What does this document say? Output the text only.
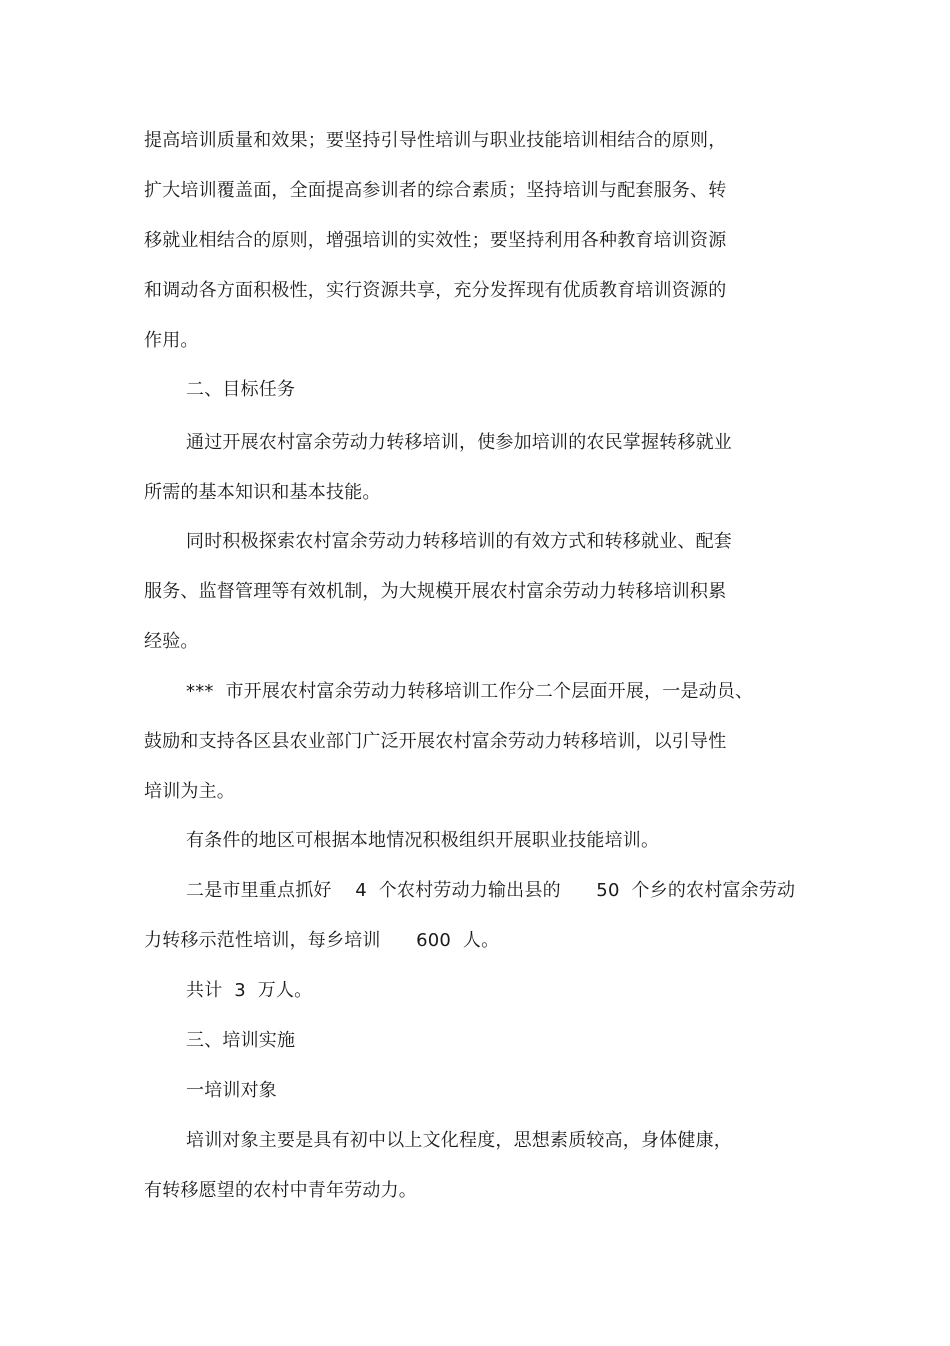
提高培训质量和效果；要坚持引导性培训与职业技能培训相结合的原则，
扩大培训覆盖面，全面提高参训者的综合素质；坚持培训与配套服务、转
移就业相结合的原则，增强培训的实效性；要坚持利用各种教育培训资源
和调动各方面积极性，实行资源共享，充分发挥现有优质教育培训资源的
作用。
二、目标任务
通过开展农村富余劳动力转移培训，使参加培训的农民掌握转移就业
所需的基本知识和基本技能。
同时积极探索农村富余劳动力转移培训的有效方式和转移就业、配套
服务、监督管理等有效机制，为大规模开展农村富余劳动力转移培训积累
经验。
***  市开展农村富余劳动力转移培训工作分二个层面开展，一是动员、
鼓励和支持各区县农业部门广泛开展农村富余劳动力转移培训，以引导性
培训为主。
有条件的地区可根据本地情况积极组织开展职业技能培训。
二是市里重点抓好    4  个农村劳动力输出县的      50  个乡的农村富余劳动
力转移示范性培训，每乡培训      600  人。
共计  3  万人。
三、培训实施
一培训对象
培训对象主要是具有初中以上文化程度，思想素质较高，身体健康，
有转移愿望的农村中青年劳动力。
